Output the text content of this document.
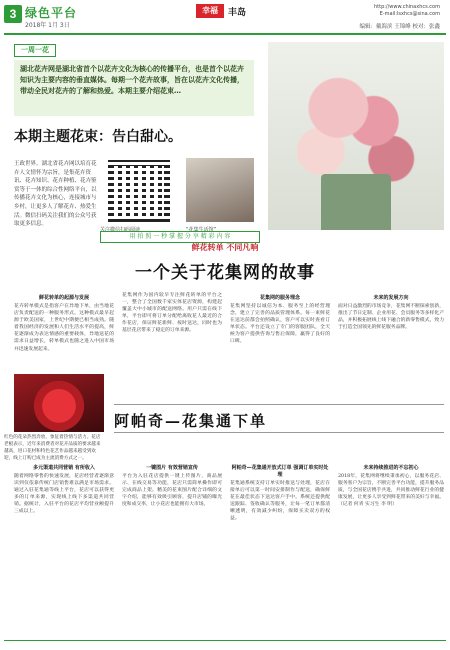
3 绿色平台
2018年 1月 3日
幸福	丰岛
http://www.chinaxhcs.com
E-mail:lsxhcs@sina.com
编辑：戴海滨 王锦峰 校对：张鑫
一周一花
湖北花卉网是湖北省首个以花卉文化为核心的传播平台，也是首个以花卉知识为主要内容的垂直媒体。每期一个花卉故事，旨在以花卉文化传播，带动全民对花卉的了解和热爱。本期主要介绍花束…
本期主题花束：告白甜心。
王政世界。湖北省花卉网以培育花卉人文情怀为宗旨，是集花卉资讯、花卉知识、花卉种植、花卉鉴赏等于一体的综合性网络平台，以传播花卉文化为核心，连接城市与乡村，让更多人了解花卉、热爱生活。微信扫码关注我们的公众号获取更多信息。
关注微信扫码阅读	“花集生活馆”
用 拍 照 一 秒 掌 握 分 享 精 彩 内 容
鲜花转单 不同凡响
一个关于花集网的故事
鲜花转单的起源与发展
花卉转单模式是指客户在异地下单，由当地花店负责配送的一种服务形式。这种模式最早起源于欧美国家，上世纪中期便已相当成熟。随着我国经济的发展和人们生活水平的提高，鲜花逐渐成为表达情感的重要载体，异地送花的需求日益增长，转单模式也随之进入中国市场并迅速发展起来。
花集网作为国内较早专注鲜花转单的平台之一，整合了全国数千家实体花店资源，构建起覆盖大中小城市的配送网络。用户只需在线下单，平台即可将订单分配给离收花人最近的合作花店，保证鲜花新鲜、按时送达，同时也为基层花店带来了稳定的订单来源。
花集网的服务理念
花集网坚持以诚信为本、服务至上的经营理念，建立了完善的品质管理体系。每一束鲜花在送达前都会拍照确认，客户可以实时查看订单状态。平台还设立了专门的客服团队，全天候为客户提供咨询与售后保障，赢得了良好的口碑。
未来的发展方向
面对日益激烈的市场竞争，花集网不断探索创新，推出了节日定制、企业用花、会员服务等多样化产品，并积极拓展线上线下融合的新零售模式，致力于打造全国领先的鲜花服务品牌。
红色的花朵热烈奔放，象征着热情与活力。花店老板表示，近年来消费者对花卉品质的要求越来越高，进口花材和特色花艺作品越来越受到欢迎，线上订购已成为主流消费方式之一。
阿帕奇—花集通下单
多元渠道共同营销 有所收入
随着网络零售的快速发展，花店经营者逐渐意识到仅依靠传统门店销售难以满足市场需求。通过入驻花集通等线上平台，花店可以获得更多的订单来源，实现线上线下多渠道共同营销。据统计，入驻平台的花店平均营业额提升三成以上。
一键图片 有效营销宣传
平台为入驻花店提供一键上传图片、商品展示、在线交易等功能，花店只需简单操作即可完成商品上架。精美的花束图片配合详细的文字介绍，能够有效吸引顾客，提升店铺的曝光度和成交率，让小花店也能拥有大市场。
阿帕奇—花集通开放式订单 强调订单实时处理
花集通系统支持订单实时推送与处理，花店在接单后可以第一时间安排制作与配送，确保鲜花在最佳状态下送达客户手中。系统还提供配送跟踪、签收确认等服务，让每一笔订单都清晰透明，有效减少纠纷，保障买卖双方的权益。
未来持续推进的不忘初心
2018年，花集网将继续秉承初心，以服务花店、服务客户为宗旨，不断完善平台功能，提升服务品质，与全国花店携手共进，共同推动鲜花行业的健康发展，让更多人享受到鲜花带来的美好与幸福。（记者 何青 实习生 李 明）
